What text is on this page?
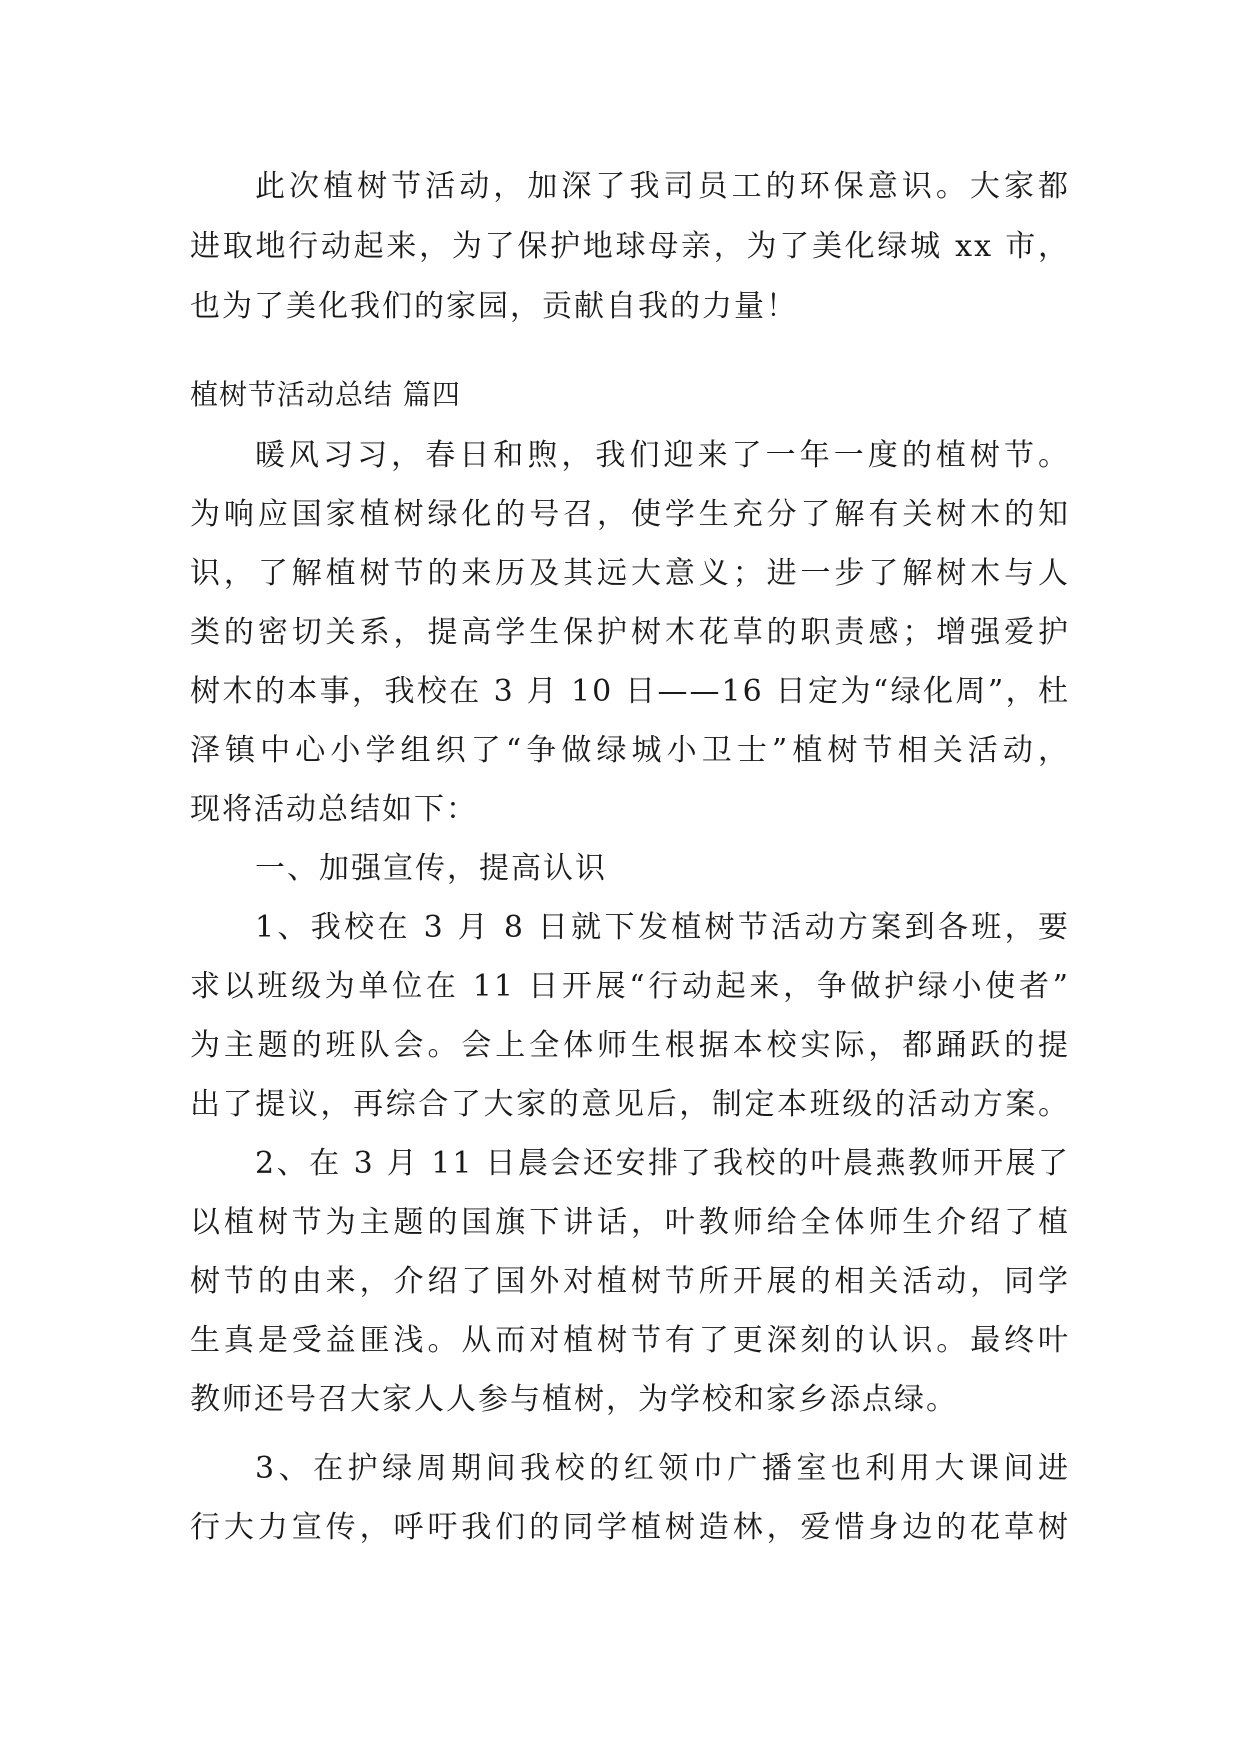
此次植树节活动，加深了我司员工的环保意识。大家都
进取地行动起来，为了保护地球母亲，为了美化绿城 xx 市，
也为了美化我们的家园，贡献自我的力量！
植树节活动总结 篇四
暖风习习，春日和煦，我们迎来了一年一度的植树节。
为响应国家植树绿化的号召，使学生充分了解有关树木的知
识，了解植树节的来历及其远大意义；进一步了解树木与人
类的密切关系，提高学生保护树木花草的职责感；增强爱护
树木的本事，我校在 3 月 10 日——16 日定为“绿化周”，杜
泽镇中心小学组织了“争做绿城小卫士”植树节相关活动，
现将活动总结如下：
一、加强宣传，提高认识
1、我校在 3 月 8 日就下发植树节活动方案到各班，要
求以班级为单位在 11 日开展“行动起来，争做护绿小使者”
为主题的班队会。会上全体师生根据本校实际，都踊跃的提
出了提议，再综合了大家的意见后，制定本班级的活动方案。
2、在 3 月 11 日晨会还安排了我校的叶晨燕教师开展了
以植树节为主题的国旗下讲话，叶教师给全体师生介绍了植
树节的由来，介绍了国外对植树节所开展的相关活动，同学
生真是受益匪浅。从而对植树节有了更深刻的认识。最终叶
教师还号召大家人人参与植树，为学校和家乡添点绿。
3、在护绿周期间我校的红领巾广播室也利用大课间进
行大力宣传，呼吁我们的同学植树造林，爱惜身边的花草树
